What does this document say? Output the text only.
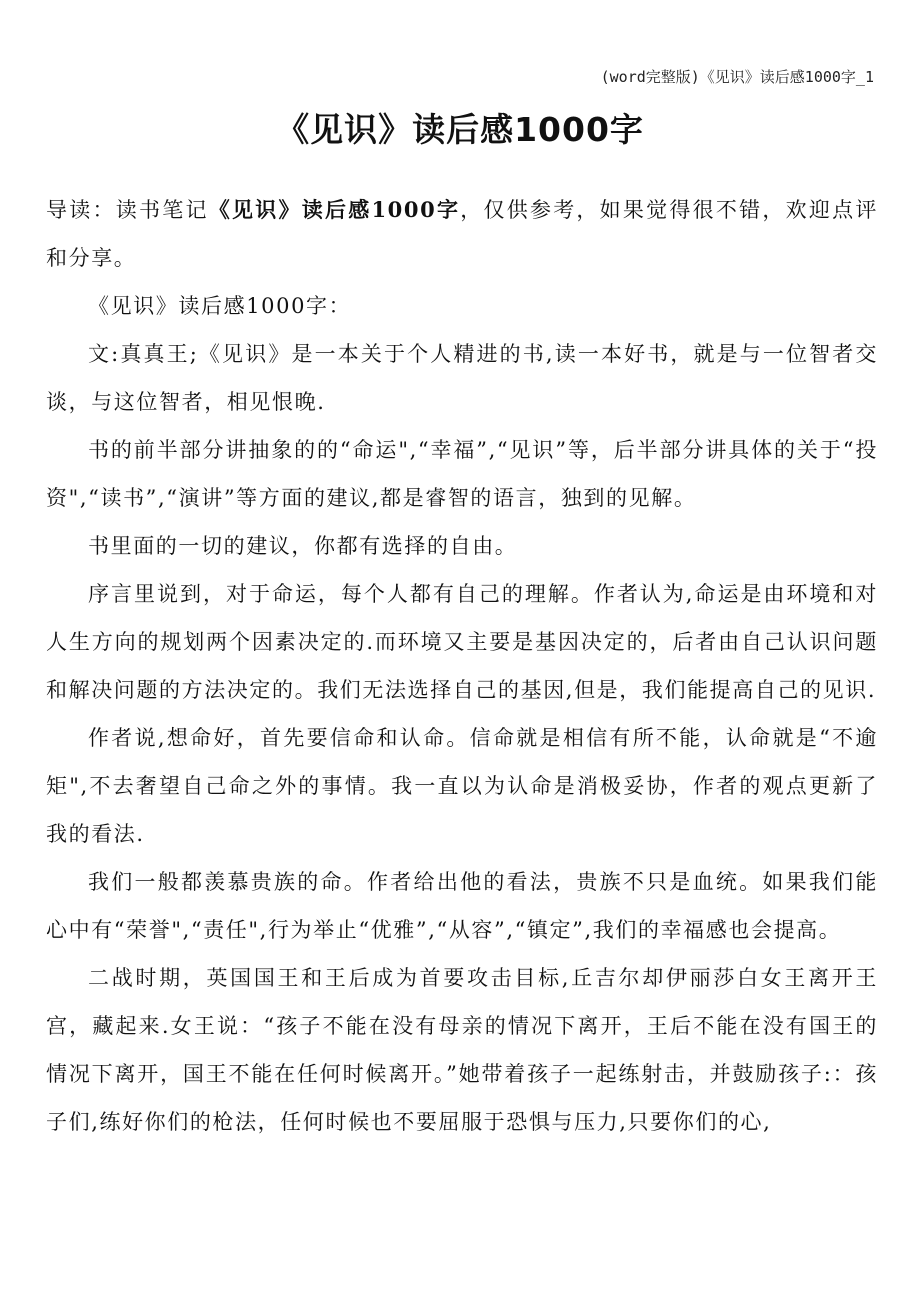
(word完整版)《见识》读后感1000字_1
《见识》读后感1000字

导读：读书笔记《见识》读后感1000字，仅供参考，如果觉得很不错，欢迎点评和分享。

《见识》读后感1000字：

文:真真王;《见识》是一本关于个人精进的书,读一本好书，就是与一位智者交谈，与这位智者，相见恨晚.

书的前半部分讲抽象的的“命运",“幸福”,“见识”等，后半部分讲具体的关于“投资",“读书”,“演讲”等方面的建议,都是睿智的语言，独到的见解。

书里面的一切的建议，你都有选择的自由。

序言里说到，对于命运，每个人都有自己的理解。作者认为,命运是由环境和对人生方向的规划两个因素决定的.而环境又主要是基因决定的，后者由自己认识问题和解决问题的方法决定的。我们无法选择自己的基因,但是，我们能提高自己的见识.

作者说,想命好，首先要信命和认命。信命就是相信有所不能，认命就是“不逾矩",不去奢望自己命之外的事情。我一直以为认命是消极妥协，作者的观点更新了我的看法.

我们一般都羡慕贵族的命。作者给出他的看法，贵族不只是血统。如果我们能心中有“荣誉",“责任",行为举止“优雅”,“从容”,“镇定”,我们的幸福感也会提高。

二战时期，英国国王和王后成为首要攻击目标,丘吉尔却伊丽莎白女王离开王宫，藏起来.女王说：“孩子不能在没有母亲的情况下离开，王后不能在没有国王的情况下离开，国王不能在任何时候离开。”她带着孩子一起练射击，并鼓励孩子:：孩子们,练好你们的枪法，任何时候也不要屈服于恐惧与压力,只要你们的心,
